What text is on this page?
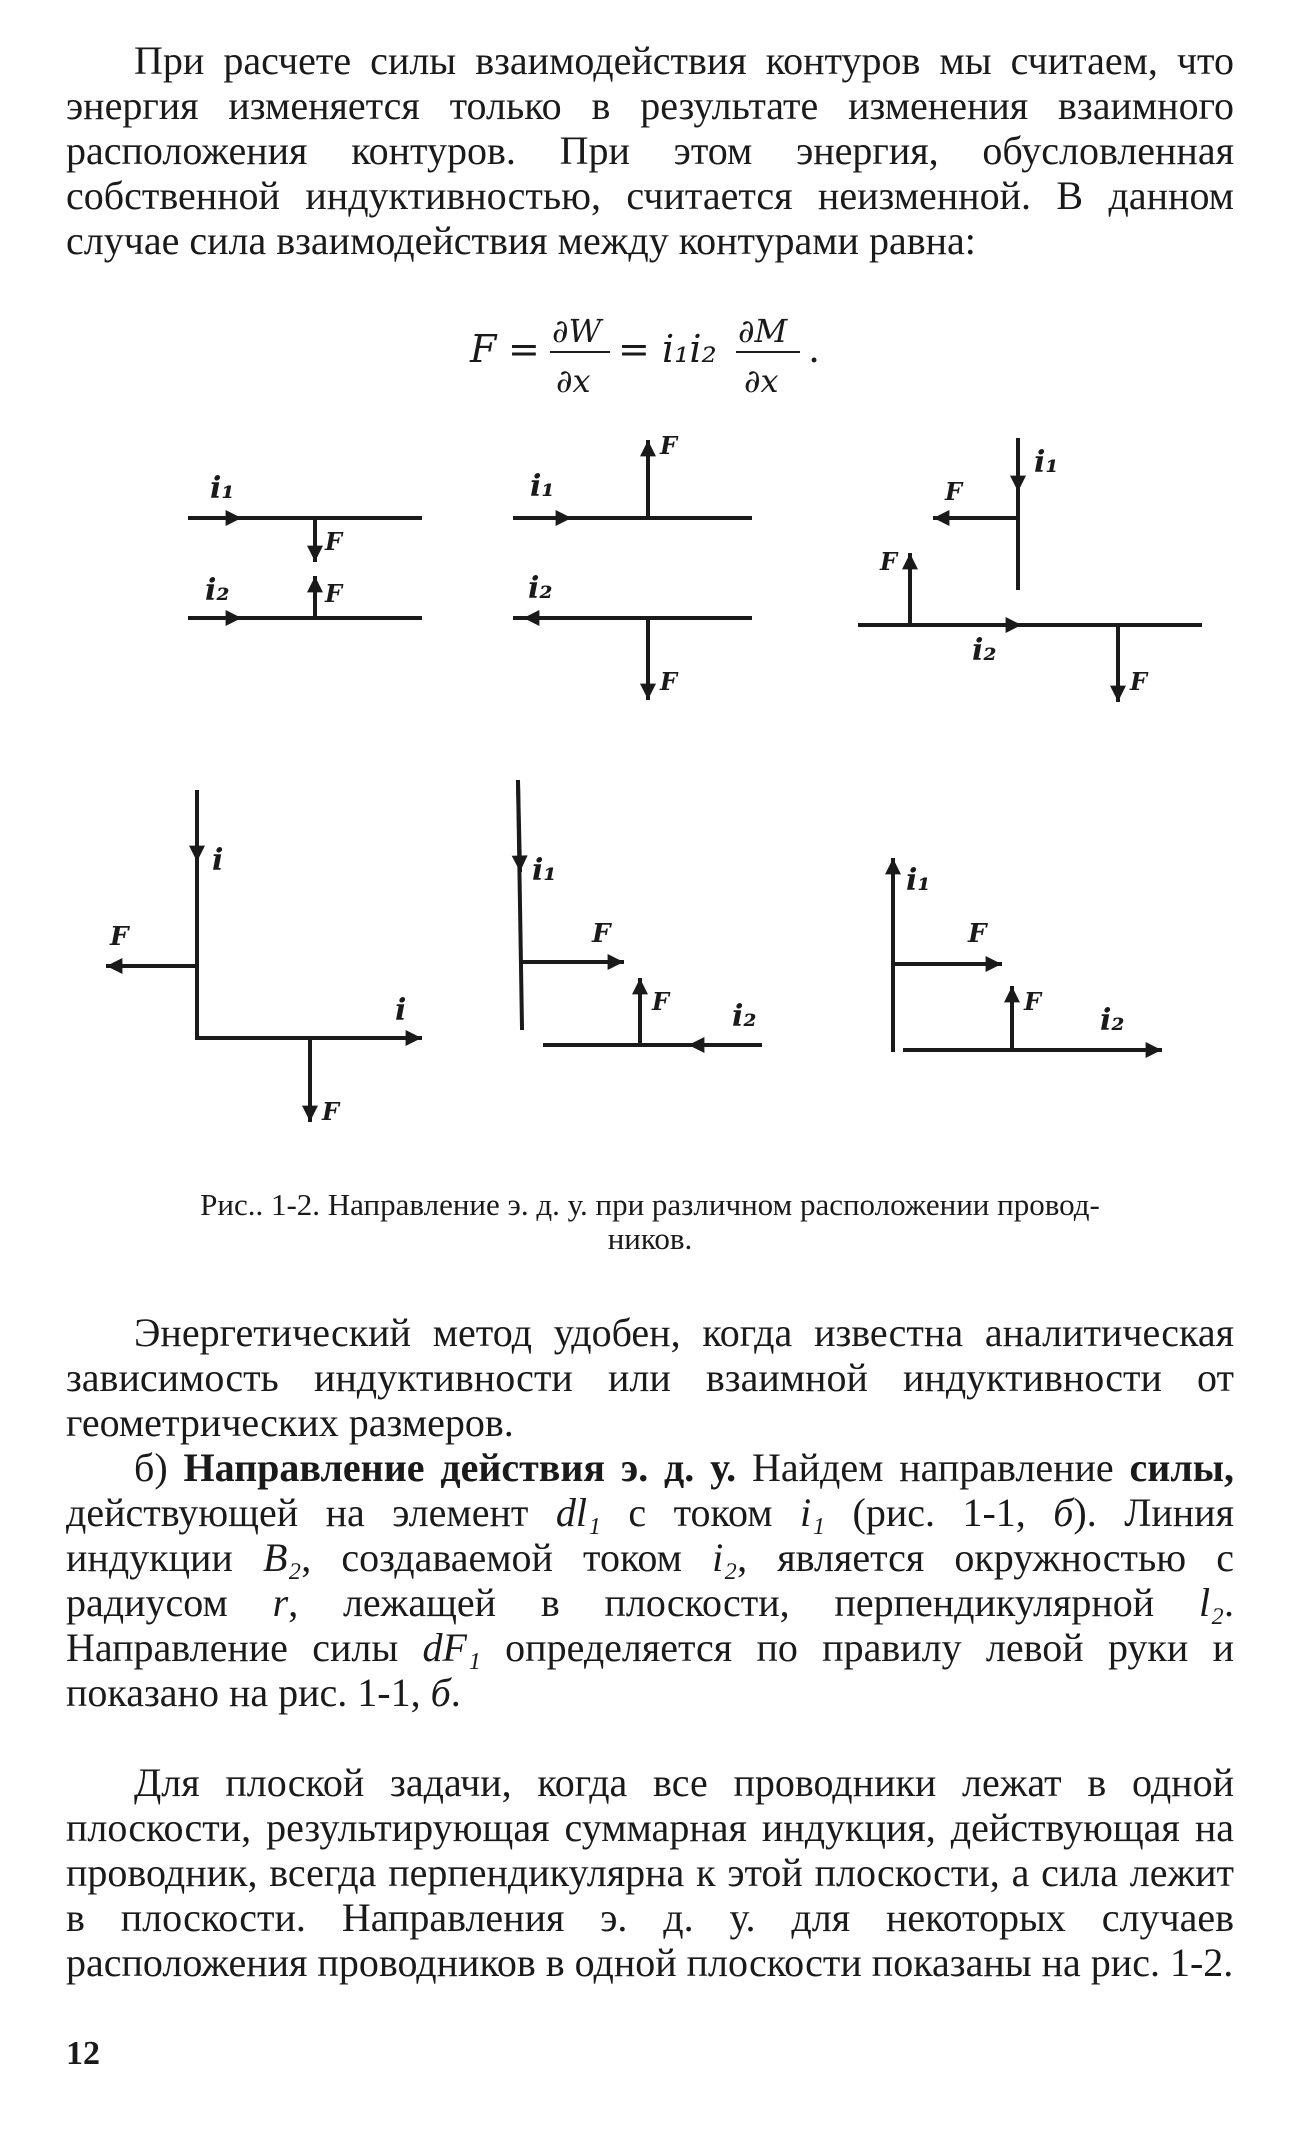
При расчете силы взаимодействия контуров мы считаем, что энергия изменяется только в результате изменения взаимного расположения контуров. При этом энергия, обусловленная собственной индуктивностью, считается неизменной. В данном случае сила взаимодействия между контурами равна:

F = ∂W
∂x
= i₁i₂ ∂M
∂x
.
i₁
F
i₂	F
F
i₁
i₂
F
i₁
F
F
i₂
F
i
F
i
F
i₁
F
F i₂
i₁
F
F
i₂

Рис.. 1-2. Направление э. д. у. при различном расположении провод-
ников.

Энергетический метод удобен, когда известна аналитическая зависимость индуктивности или взаимной индуктивности от геометрических размеров.

б) Направление действия э. д. у. Найдем направление силы, действующей на элемент dl₁ с током i₁ (рис. 1-1, б). Линия индукции B₂, создаваемой током i₂, является окружностью с радиусом r, лежащей в плоскости, перпендикулярной l₂. Направление силы dF₁ определяется по правилу левой руки и показано на рис. 1-1, б.

Для плоской задачи, когда все проводники лежат в одной плоскости, результирующая суммарная индукция, действующая на проводник, всегда перпендикулярна к этой плоскости, а сила лежит в плоскости. Направления э. д. у. для некоторых случаев расположения проводников в одной плоскости показаны на рис. 1-2.

12
